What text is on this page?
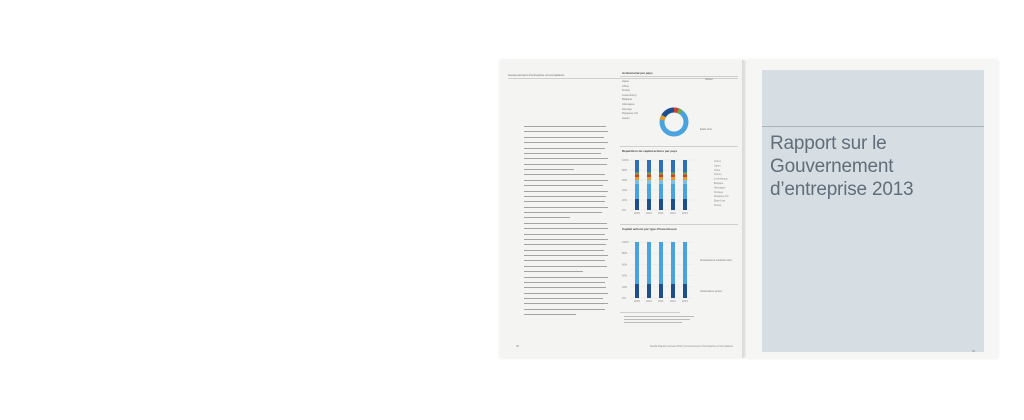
Gouvernement d'entreprise et Compliance	Actionnariat par pays
Japon
Chine
France
Luxembourg
Belgique
Allemagne
Norvège
Royaume-Uni
Autres
Suisse
Etats-Unis
Répartition du capital actions par pays
100%
80%
60%
40%
20%
0%
2009 2010 2011 2012 2013
Autres
Japon
Chine
France
Luxembourg
Belgique
Allemagne
Norvège
Royaume-Uni
Etats-Unis
Suisse
Capital actions par type d'investisseur
100%
80%
60%
40%
20%
0%
2009 2010 2011 2012 2013
Investisseurs institutionnels
Actionnaires privés
98	Nestlé Rapport annuel 2013 | Gouvernement d'entreprise et Compliance
Rapport sur le
Gouvernement
d’entreprise 2013
99
